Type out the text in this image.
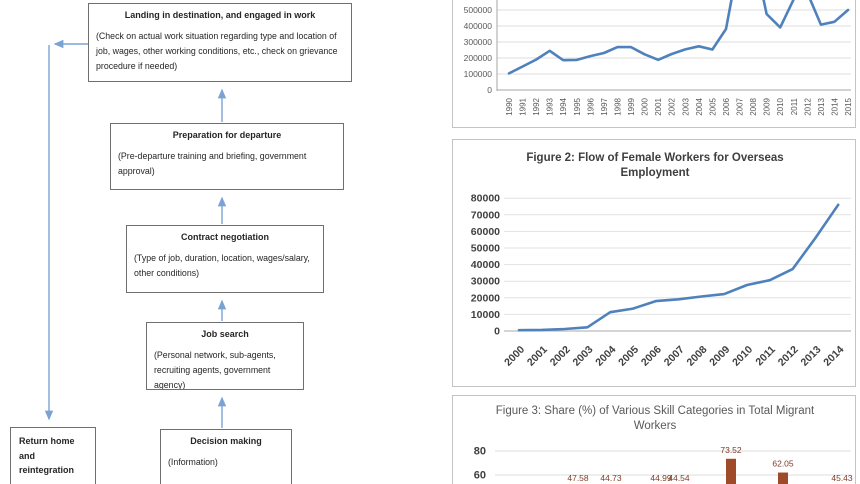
Landing in destination, and engaged in work
(Check on actual work situation regarding type and location of job, wages, other working conditions, etc., check on grievance procedure if needed)
Preparation for departure
(Pre-departure training and briefing, government approval)
Contract negotiation
(Type of job, duration, location, wages/salary, other conditions)
Job search
(Personal network, sub-agents, recruiting agents, government agency)
Decision making
(Information)
Return home and reintegration
Figure 2: Flow of Female Workers for Overseas Employment
Figure 3: Share (%) of Various Skill Categories in Total Migrant Workers
0
100000
200000
300000
400000
500000
1990 1991 1992 1993 1994 1995 1996 1997 1998 1999 2000 2001 2002 2003 2004 2005 2006 2007 2008 2009 2010 2011 2012 2013 2014 2015
0
10000
20000
30000
40000
50000
60000
70000
80000
2000
2001
2002
2003
2004
2005
2006
2007
2008
2009
2010
2011
2012
2013
2014
80
60	47.58 44.73	44.99
44.54
73.52
62.05
45.43
